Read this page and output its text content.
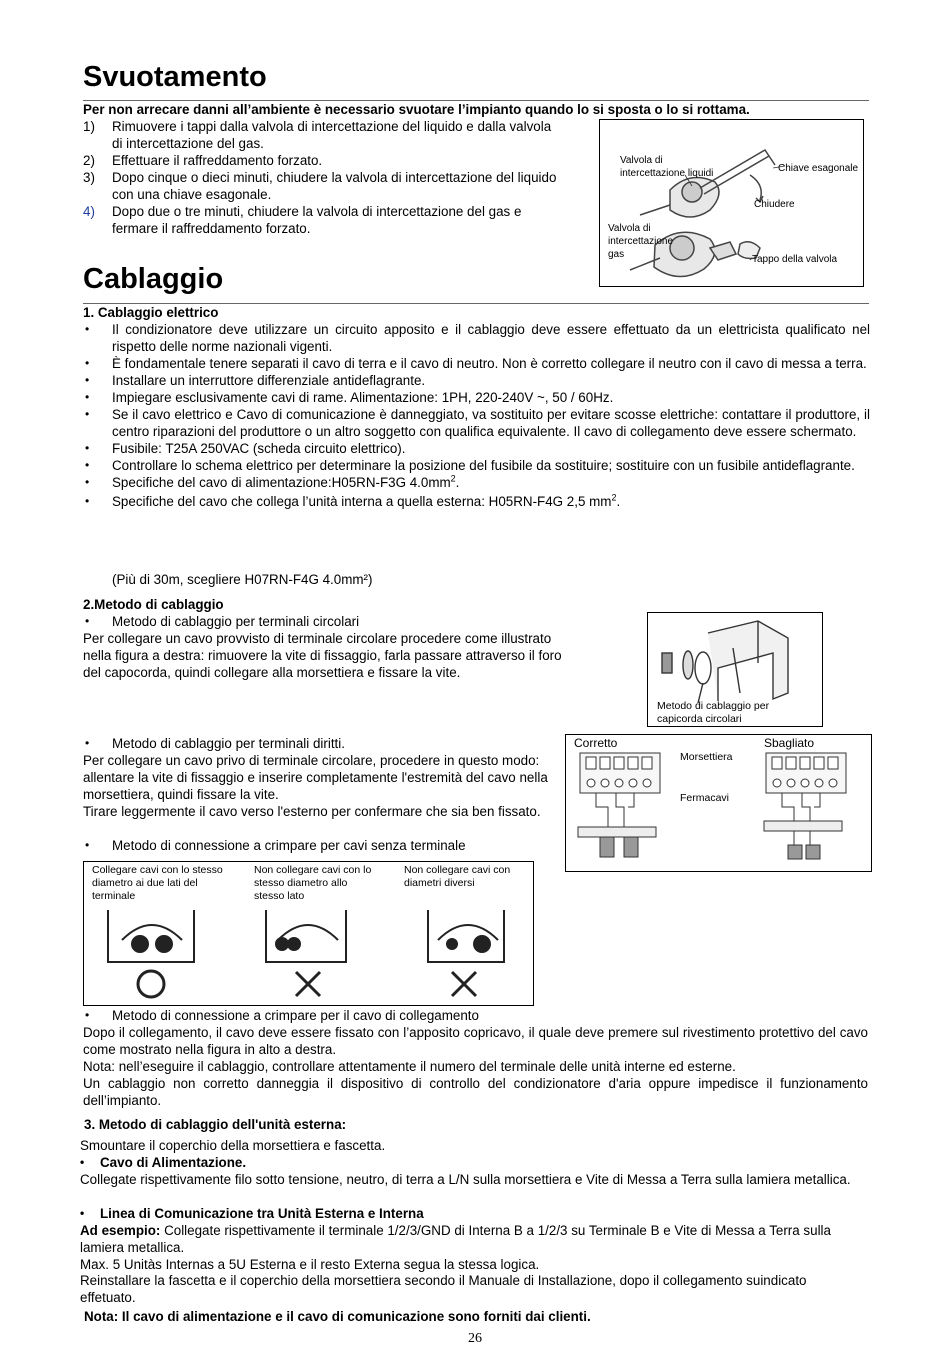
Svuotamento
Per non arrecare danni all’ambiente è necessario svuotare l’impianto quando lo si sposta o lo si rottama.
1) Rimuovere i tappi dalla valvola di intercettazione del liquido e dalla valvola di intercettazione del gas.
2) Effettuare il raffreddamento forzato.
3) Dopo cinque o dieci minuti, chiudere la valvola di intercettazione del liquido con una chiave esagonale.
4) Dopo due o tre minuti, chiudere la valvola di intercettazione del gas e fermare il raffreddamento forzato.
Valvola di
intercettazione liquidi	Chiave esagonale
Chiudere
Valvola di
intercettazione
gas	Tappo della valvola
Cablaggio
1. Cablaggio elettrico
• Il condizionatore deve utilizzare un circuito apposito e il cablaggio deve essere effettuato da un elettricista qualificato nel rispetto delle norme nazionali vigenti.
• È fondamentale tenere separati il cavo di terra e il cavo di neutro. Non è corretto collegare il neutro con il cavo di messa a terra.
• Installare un interruttore differenziale antideflagrante.
• Impiegare esclusivamente cavi di rame. Alimentazione: 1PH, 220-240V ~, 50 / 60Hz.
• Se il cavo elettrico e Cavo di comunicazione è danneggiato, va sostituito per evitare scosse elettriche: contattare il produttore, il centro riparazioni del produttore o un altro soggetto con qualifica equivalente. Il cavo di collegamento deve essere schermato.
• Fusibile: T25A 250VAC (scheda circuito elettrico).
• Controllare lo schema elettrico per determinare la posizione del fusibile da sostituire; sostituire con un fusibile antideflagrante.
• Specifiche del cavo di alimentazione:H05RN-F3G $4.0mm^2$.
• Specifiche del cavo che collega l’unità interna a quella esterna: H05RN-F4G 2,5 $mm^2$.
(Più di 30m, scegliere H07RN-F4G 4.0mm²)
2.Metodo di cablaggio
• Metodo di cablaggio per terminali circolari
Per collegare un cavo provvisto di terminale circolare procedere come illustrato nella figura a destra: rimuovere la vite di fissaggio, farla passare attraverso il foro del capocorda, quindi collegare alla morsettiera e fissare la vite.
Metodo di cablaggio per
capicorda circolari
• Metodo di cablaggio per terminali diritti.
Per collegare un cavo privo di terminale circolare, procedere in questo modo: allentare la vite di fissaggio e inserire completamente l'estremità del cavo nella morsettiera, quindi fissare la vite.
Tirare leggermente il cavo verso l'esterno per confermare che sia ben fissato.
Corretto	Sbagliato
Morsettiera
Fermacavi
• Metodo di connessione a crimpare per cavi senza terminale
Collegare cavi con lo stesso
diametro ai due lati del
terminale
Non collegare cavi con lo
stesso diametro allo
stesso lato
Non collegare cavi con
diametri diversi
• Metodo di connessione a crimpare per il cavo di collegamento
Dopo il collegamento, il cavo deve essere fissato con l’apposito copricavo, il quale deve premere sul rivestimento protettivo del cavo come mostrato nella figura in alto a destra.
Nota: nell’eseguire il cablaggio, controllare attentamente il numero del terminale delle unità interne ed esterne.
Un cablaggio non corretto danneggia il dispositivo di controllo del condizionatore d'aria oppure impedisce il funzionamento dell’impianto.
3. Metodo di cablaggio dell'unità esterna:
Smountare il coperchio della morsettiera e fascetta.
• Cavo di Alimentazione.
Collegate rispettivamente filo sotto tensione, neutro, di terra a L/N sulla morsettiera e Vite di Messa a Terra sulla lamiera metallica.
• Linea di Comunicazione tra Unità Esterna e Interna
Ad esempio: Collegate rispettivamente il terminale 1/2/3/GND di Interna B a 1/2/3 su Terminale B e Vite di Messa a Terra sulla lamiera metallica.
Max. 5 Unitàs Internas a 5U Esterna e il resto Externa segua la stessa logica.
Reinstallare la fascetta e il coperchio della morsettiera secondo il Manuale di Installazione, dopo il collegamento suindicato effetuato.
Nota: Il cavo di alimentazione e il cavo di comunicazione sono forniti dai clienti.
26
